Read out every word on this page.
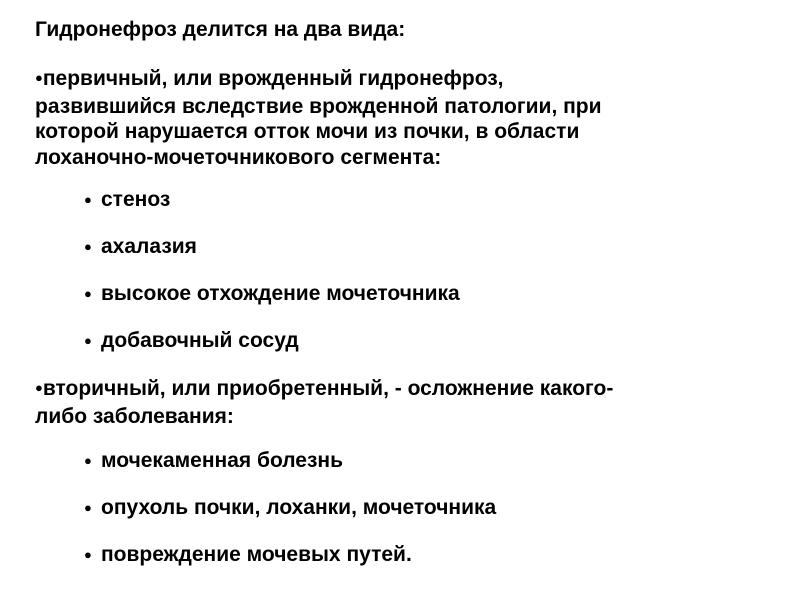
Гидронефроз делится на два вида:
●первичный, или врожденный гидронефроз,
развившийся вследствие врожденной патологии, при
которой нарушается отток мочи из почки, в области
лоханочно-мочеточникового сегмента:
● стеноз
● ахалазия
● высокое отхождение мочеточника
● добавочный сосуд
●вторичный, или приобретенный, - осложнение какого-
либо заболевания:
● мочекаменная болезнь
● опухоль почки, лоханки, мочеточника
● повреждение мочевых путей.
